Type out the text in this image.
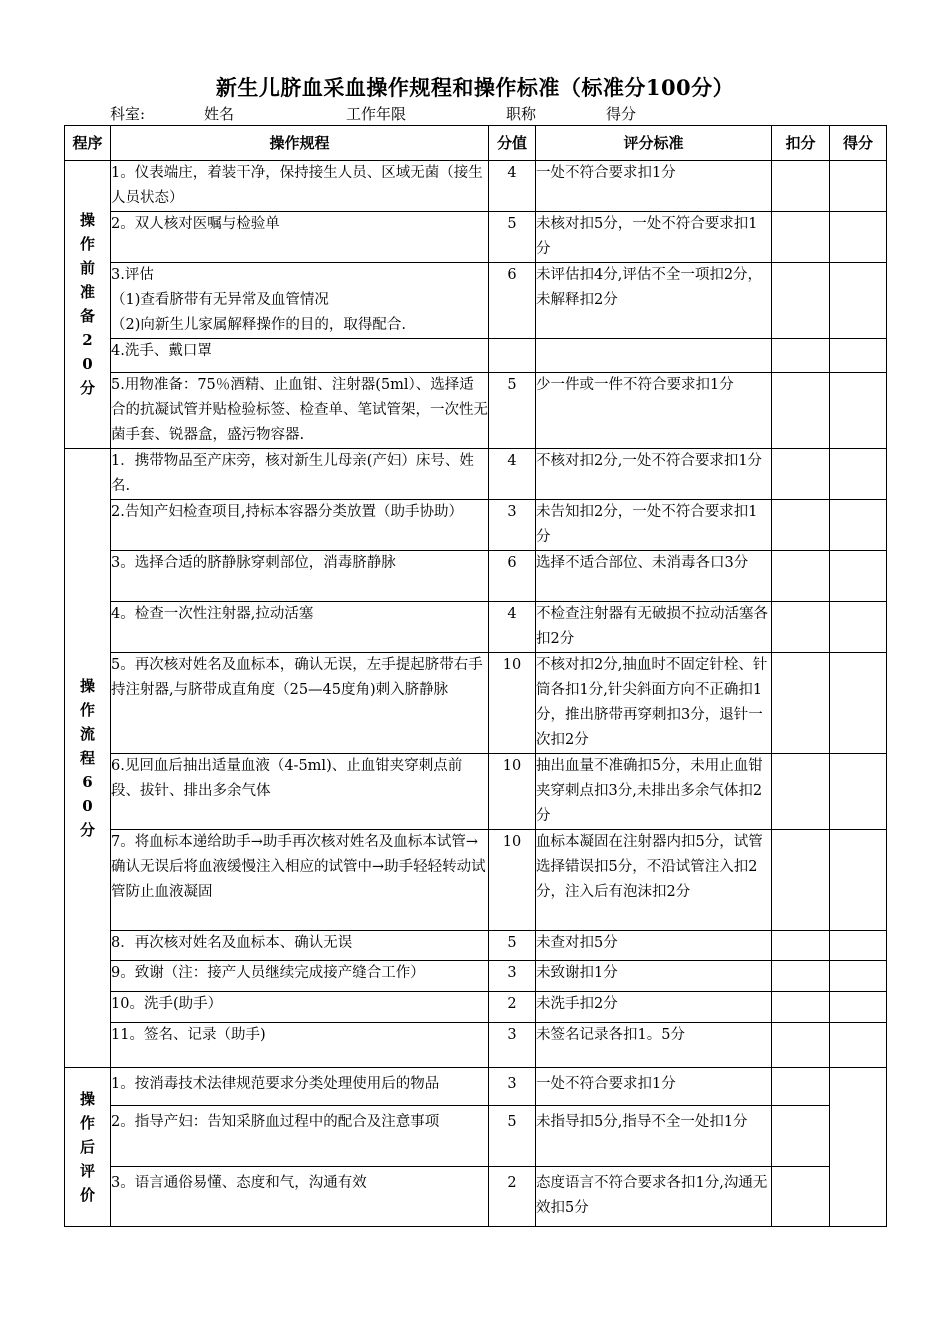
新生儿脐血采血操作规程和操作标准（标准分100分）
科室:	姓名	工作年限	职称	得分
程序	操作规程	分值	评分标准	扣分	得分
操作前准备20分	1。仪表端庄，着装干净，保持接生人员、区域无菌（接生人员状态）	4	一处不符合要求扣1分		
	2。双人核对医嘱与检验单	5	未核对扣5分，一处不符合要求扣1分		

	3.评估
（1)查看脐带有无异常及血管情况
（2)向新生儿家属解释操作的目的，取得配合.	6	未评估扣4分,评估不全一项扣2分，未解释扣2分		
	4.洗手、戴口罩				
	5.用物准备：75％酒精、止血钳、注射器(5ml）、选择适合的抗凝试管并贴检验标签、检查单、笔试管架，一次性无菌手套、锐器盒，盛污物容器.	5	少一件或一件不符合要求扣1分		
操作流程60分	1．携带物品至产床旁，核对新生儿母亲(产妇）床号、姓名.	4	不核对扣2分,一处不符合要求扣1分		
	2.告知产妇检查项目,持标本容器分类放置（助手协助）	3	未告知扣2分，一处不符合要求扣1分		
	3。选择合适的脐静脉穿刺部位，消毒脐静脉	6	选择不适合部位、未消毒各口3分		
	4。检查一次性注射器,拉动活塞	4	不检查注射器有无破损不拉动活塞各扣2分		
	5。再次核对姓名及血标本，确认无误，左手提起脐带右手持注射器,与脐带成直角度（25—45度角)刺入脐静脉	10	不核对扣2分,抽血时不固定针栓、针筒各扣1分,针尖斜面方向不正确扣1分，推出脐带再穿刺扣3分，退针一次扣2分		
	6.见回血后抽出适量血液（4-5ml)、止血钳夹穿刺点前段、拔针、排出多余气体	10	抽出血量不准确扣5分，未用止血钳夹穿刺点扣3分,未排出多余气体扣2分		
	7。将血标本递给助手→助手再次核对姓名及血标本试管→确认无误后将血液缓慢注入相应的试管中→助手轻轻转动试管防止血液凝固	10	血标本凝固在注射器内扣5分，试管选择错误扣5分，不沿试管注入扣2分，注入后有泡沫扣2分		
	8．再次核对姓名及血标本、确认无误	5	未查对扣5分		
	9。致谢（注：接产人员继续完成接产缝合工作）	3	未致谢扣1分		
	10。洗手(助手）	2	未洗手扣2分		
	11。签名、记录（助手)	3	未签名记录各扣1。5分		
操作后评价	1。按消毒技术法律规范要求分类处理使用后的物品	3	一处不符合要求扣1分		
	2。指导产妇：告知采脐血过程中的配合及注意事项	5	未指导扣5分,指导不全一处扣1分		
	3。语言通俗易懂、态度和气，沟通有效	2	态度语言不符合要求各扣1分,沟通无效扣5分		
